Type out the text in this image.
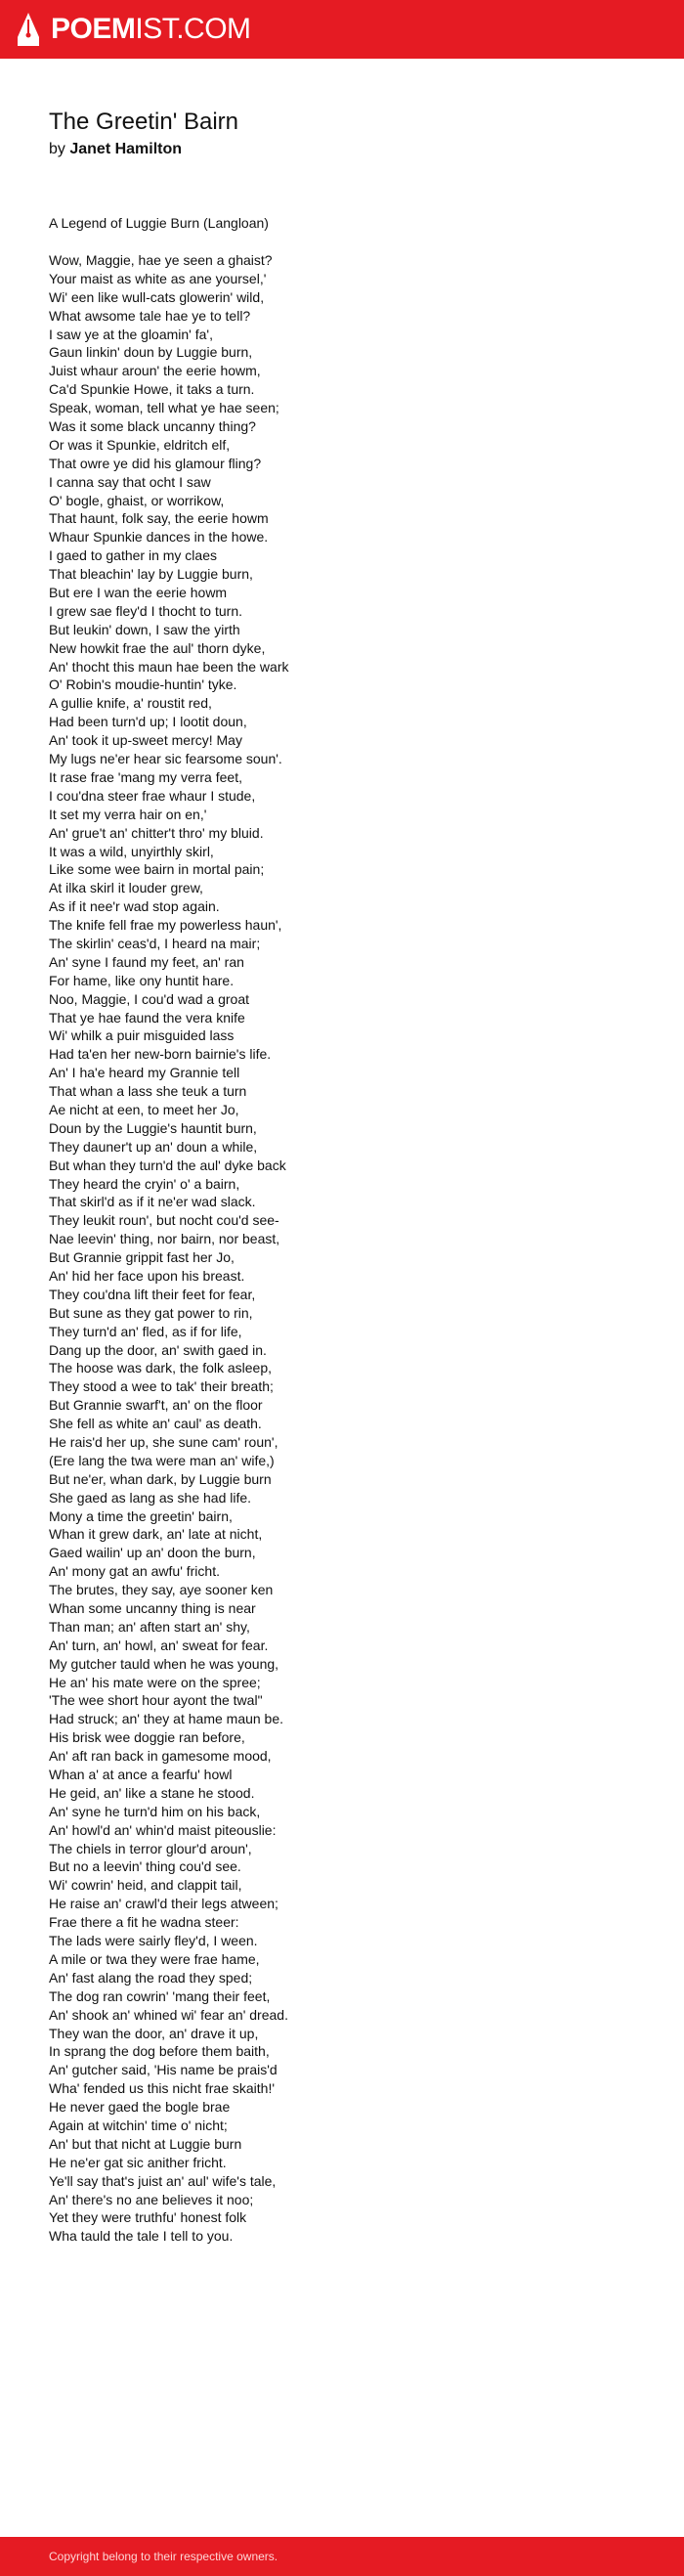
POEMIST.COM
The Greetin' Bairn
by Janet Hamilton
A Legend of Luggie Burn (Langloan)
Wow, Maggie, hae ye seen a ghaist?
Your maist as white as ane yoursel,'
Wi' een like wull-cats glowerin' wild,
What awsome tale hae ye to tell?
I saw ye at the gloamin' fa',
Gaun linkin' doun by Luggie burn,
Juist whaur aroun' the eerie howm,
Ca'd Spunkie Howe, it taks a turn.
Speak, woman, tell what ye hae seen;
Was it some black uncanny thing?
Or was it Spunkie, eldritch elf,
That owre ye did his glamour fling?
I canna say that ocht I saw
O' bogle, ghaist, or worrikow,
That haunt, folk say, the eerie howm
Whaur Spunkie dances in the howe.
I gaed to gather in my claes
That bleachin' lay by Luggie burn,
But ere I wan the eerie howm
I grew sae fley'd I thocht to turn.
But leukin' down, I saw the yirth
New howkit frae the aul' thorn dyke,
An' thocht this maun hae been the wark
O' Robin's moudie-huntin' tyke.
A gullie knife, a' roustit red,
Had been turn'd up; I lootit doun,
An' took it up-sweet mercy! May
My lugs ne'er hear sic fearsome soun'.
It rase frae 'mang my verra feet,
I cou'dna steer frae whaur I stude,
It set my verra hair on en,'
An' grue't an' chitter't thro' my bluid.
It was a wild, unyirthly skirl,
Like some wee bairn in mortal pain;
At ilka skirl it louder grew,
As if it nee'r wad stop again.
The knife fell frae my powerless haun',
The skirlin' ceas'd, I heard na mair;
An' syne I faund my feet, an' ran
For hame, like ony huntit hare.
Noo, Maggie, I cou'd wad a groat
That ye hae faund the vera knife
Wi' whilk a puir misguided lass
Had ta'en her new-born bairnie's life.
An' I ha'e heard my Grannie tell
That whan a lass she teuk a turn
Ae nicht at een, to meet her Jo,
Doun by the Luggie's hauntit burn,
They dauner't up an' doun a while,
But whan they turn'd the aul' dyke back
They heard the cryin' o' a bairn,
That skirl'd as if it ne'er wad slack.
They leukit roun', but nocht cou'd see-
Nae leevin' thing, nor bairn, nor beast,
But Grannie grippit fast her Jo,
An' hid her face upon his breast.
They cou'dna lift their feet for fear,
But sune as they gat power to rin,
They turn'd an' fled, as if for life,
Dang up the door, an' swith gaed in.
The hoose was dark, the folk asleep,
They stood a wee to tak' their breath;
But Grannie swarf't, an' on the floor
She fell as white an' caul' as death.
He rais'd her up, she sune cam' roun',
(Ere lang the twa were man an' wife,)
But ne'er, whan dark, by Luggie burn
She gaed as lang as she had life.
Mony a time the greetin' bairn,
Whan it grew dark, an' late at nicht,
Gaed wailin' up an' doon the burn,
An' mony gat an awfu' fricht.
The brutes, they say, aye sooner ken
Whan some uncanny thing is near
Than man; an' aften start an' shy,
An' turn, an' howl, an' sweat for fear.
My gutcher tauld when he was young,
He an' his mate were on the spree;
'The wee short hour ayont the twal"
Had struck; an' they at hame maun be.
His brisk wee doggie ran before,
An' aft ran back in gamesome mood,
Whan a' at ance a fearfu' howl
He geid, an' like a stane he stood.
An' syne he turn'd him on his back,
An' howl'd an' whin'd maist piteouslie:
The chiels in terror glour'd aroun',
But no a leevin' thing cou'd see.
Wi' cowrin' heid, and clappit tail,
He raise an' crawl'd their legs atween;
Frae there a fit he wadna steer:
The lads were sairly fley'd, I ween.
A mile or twa they were frae hame,
An' fast alang the road they sped;
The dog ran cowrin' 'mang their feet,
An' shook an' whined wi' fear an' dread.
They wan the door, an' drave it up,
In sprang the dog before them baith,
An' gutcher said, 'His name be prais'd
Wha' fended us this nicht frae skaith!'
He never gaed the bogle brae
Again at witchin' time o' nicht;
An' but that nicht at Luggie burn
He ne'er gat sic anither fricht.
Ye'll say that's juist an' aul' wife's tale,
An' there's no ane believes it noo;
Yet they were truthfu' honest folk
Wha tauld the tale I tell to you.
Copyright belong to their respective owners.
